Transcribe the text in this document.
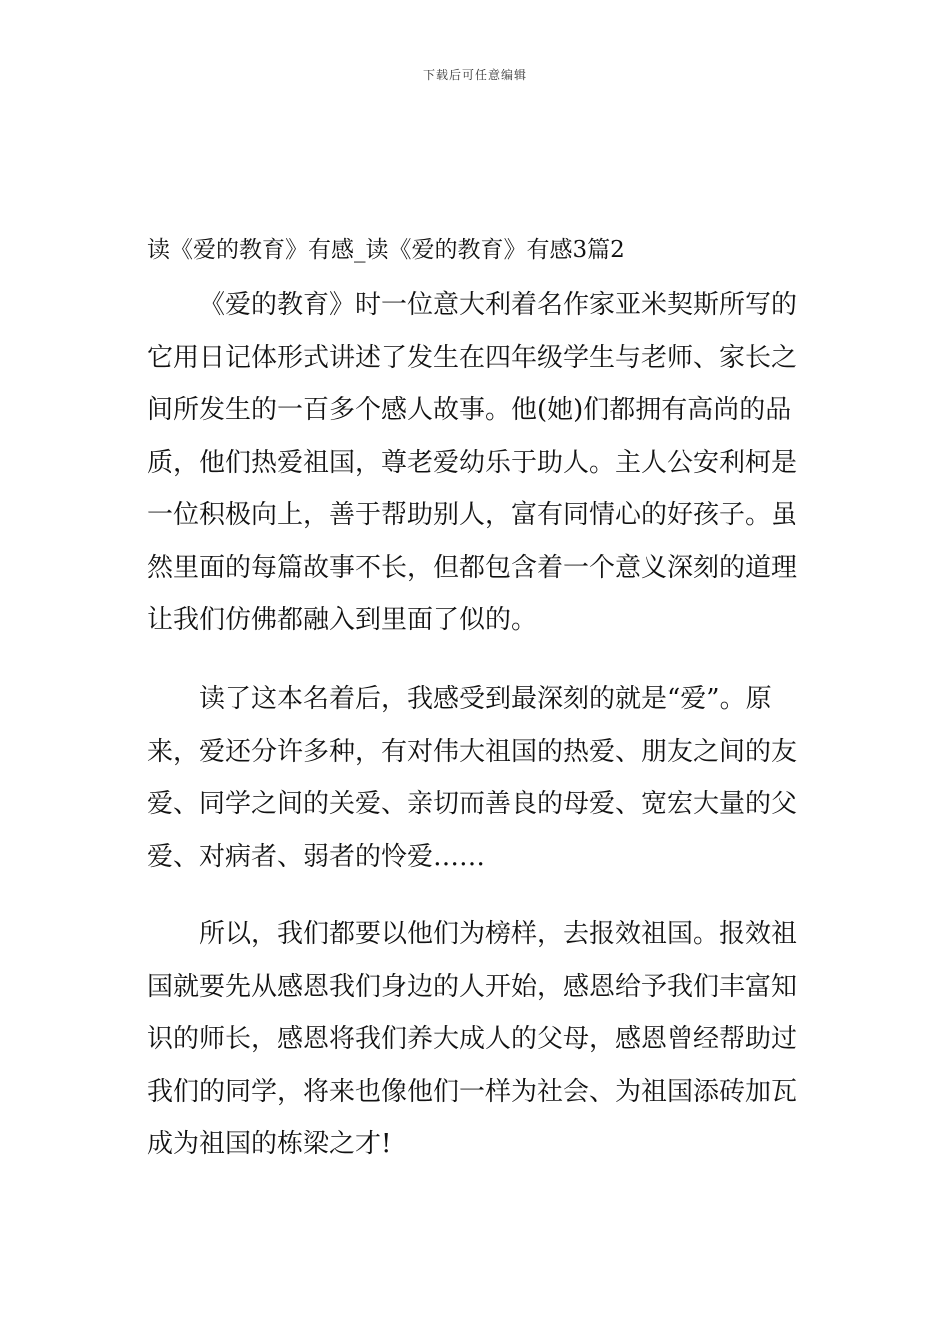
下载后可任意编辑
读《爱的教育》有感_读《爱的教育》有感3篇2
《爱的教育》时一位意大利着名作家亚米契斯所写的
它用日记体形式讲述了发生在四年级学生与老师、家长之
间所发生的一百多个感人故事。他(她)们都拥有高尚的品
质，他们热爱祖国，尊老爱幼乐于助人。主人公安利柯是
一位积极向上，善于帮助别人，富有同情心的好孩子。虽
然里面的每篇故事不长，但都包含着一个意义深刻的道理
让我们仿佛都融入到里面了似的。
读了这本名着后，我感受到最深刻的就是“爱”。原
来，爱还分许多种，有对伟大祖国的热爱、朋友之间的友
爱、同学之间的关爱、亲切而善良的母爱、宽宏大量的父
爱、对病者、弱者的怜爱……
所以，我们都要以他们为榜样，去报效祖国。报效祖
国就要先从感恩我们身边的人开始，感恩给予我们丰富知
识的师长，感恩将我们养大成人的父母，感恩曾经帮助过
我们的同学，将来也像他们一样为社会、为祖国添砖加瓦
成为祖国的栋梁之才!
